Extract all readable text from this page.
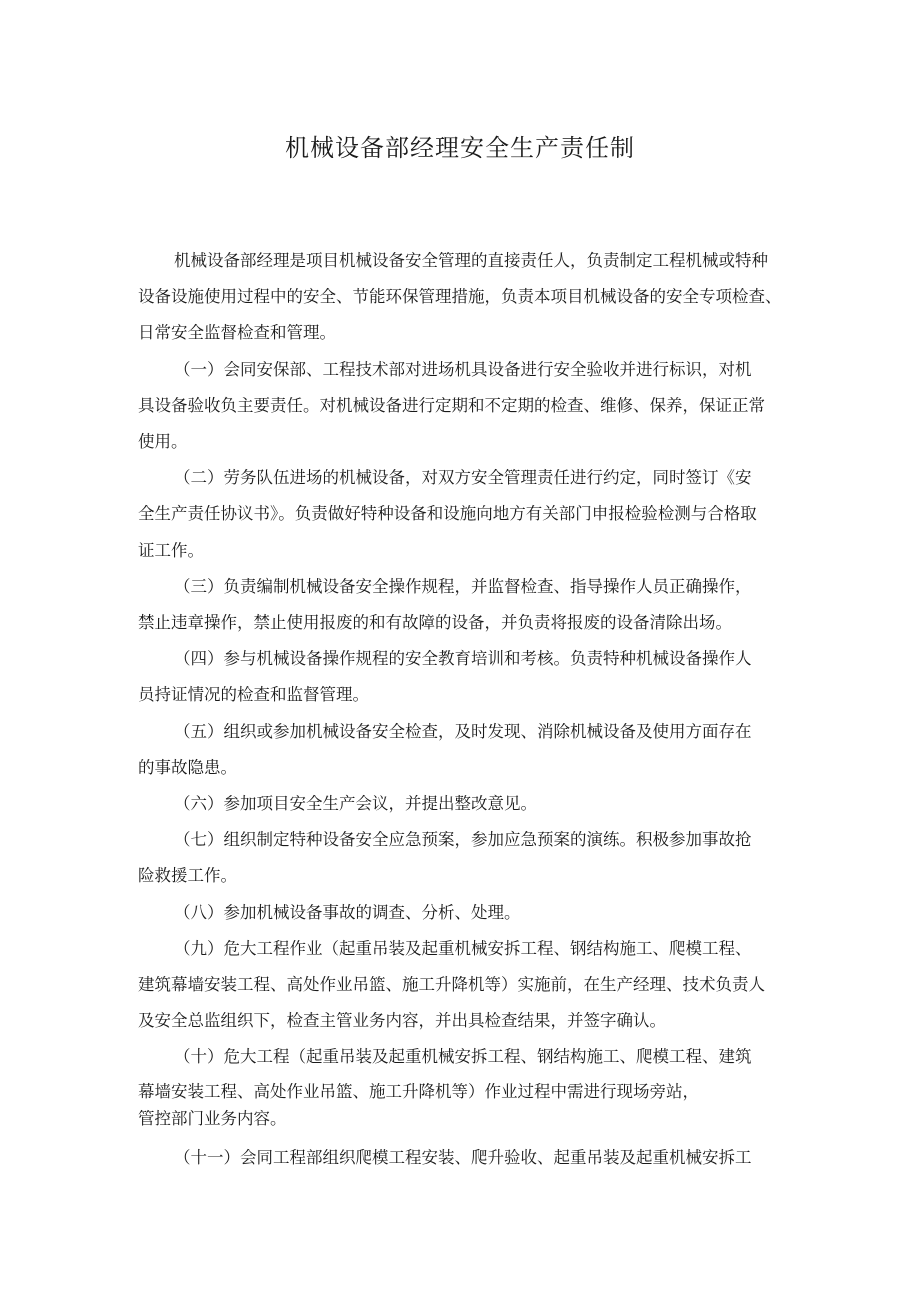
机械设备部经理安全生产责任制

机械设备部经理是项目机械设备安全管理的直接责任人，负责制定工程机械或特种
设备设施使用过程中的安全、节能环保管理措施，负责本项目机械设备的安全专项检查、
日常安全监督检查和管理。

（一）会同安保部、工程技术部对进场机具设备进行安全验收并进行标识，对机
具设备验收负主要责任。对机械设备进行定期和不定期的检查、维修、保养，保证正常
使用。

（二）劳务队伍进场的机械设备，对双方安全管理责任进行约定，同时签订《安
全生产责任协议书》。负责做好特种设备和设施向地方有关部门申报检验检测与合格取
证工作。

（三）负责编制机械设备安全操作规程，并监督检查、指导操作人员正确操作，
禁止违章操作，禁止使用报废的和有故障的设备，并负责将报废的设备清除出场。

（四）参与机械设备操作规程的安全教育培训和考核。负责特种机械设备操作人
员持证情况的检查和监督管理。

（五）组织或参加机械设备安全检查，及时发现、消除机械设备及使用方面存在
的事故隐患。

（六）参加项目安全生产会议，并提出整改意见。

（七）组织制定特种设备安全应急预案，参加应急预案的演练。积极参加事故抢
险救援工作。

（八）参加机械设备事故的调查、分析、处理。

（九）危大工程作业（起重吊装及起重机械安拆工程、钢结构施工、爬模工程、
建筑幕墙安装工程、高处作业吊篮、施工升降机等）实施前，在生产经理、技术负责人
及安全总监组织下，检查主管业务内容，并出具检查结果，并签字确认。

（十）危大工程（起重吊装及起重机械安拆工程、钢结构施工、爬模工程、建筑
幕墙安装工程、高处作业吊篮、施工升降机等）作业过程中需进行现场旁站，
管控部门业务内容。

（十一）会同工程部组织爬模工程安装、爬升验收、起重吊装及起重机械安拆工
